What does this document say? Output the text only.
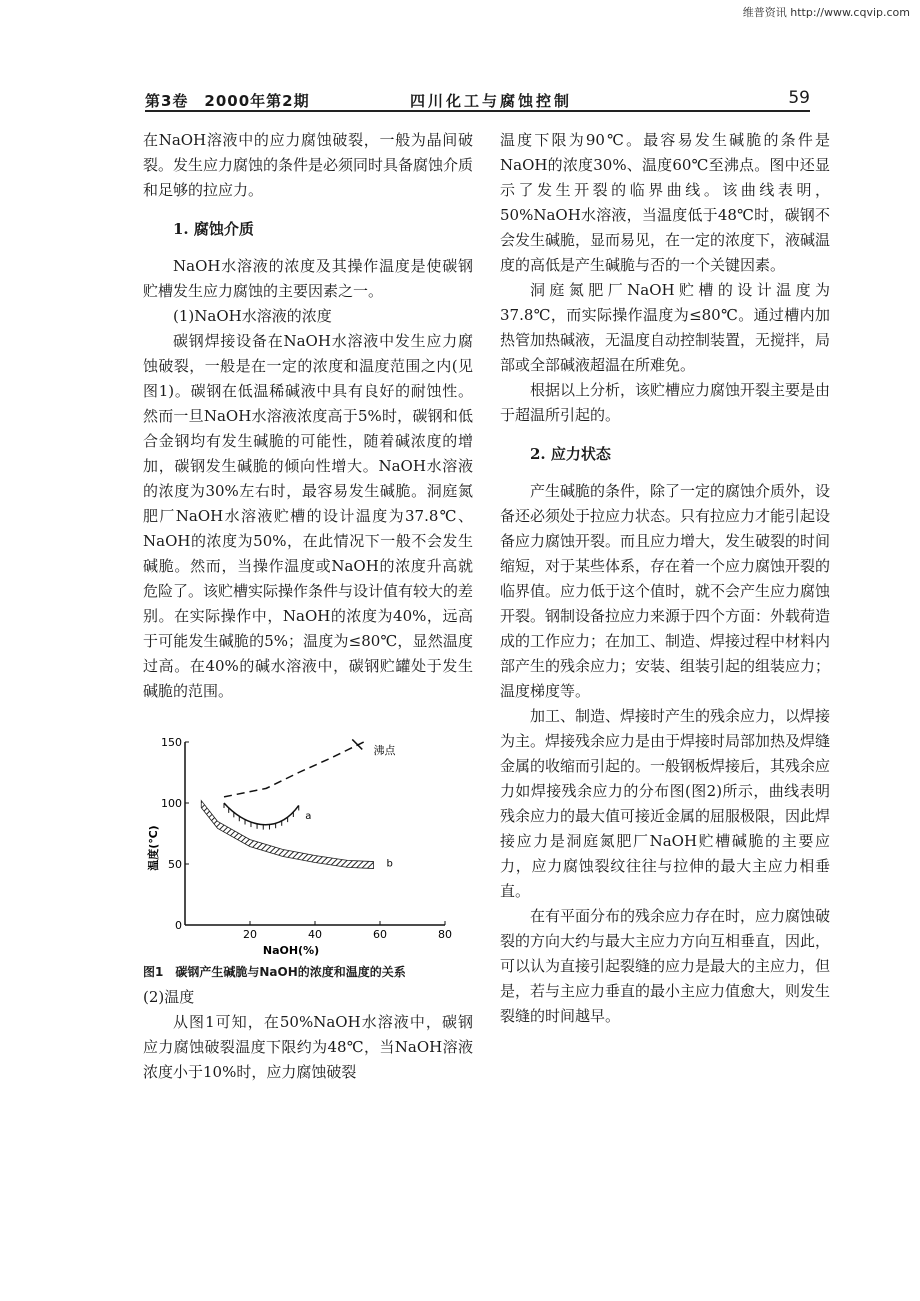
维普资讯 http://www.cqvip.com
第3卷　2000年第2期	四川化工与腐蚀控制	59

在NaOH溶液中的应力腐蚀破裂，一般为晶间破裂。发生应力腐蚀的条件是必须同时具备腐蚀介质和足够的拉应力。

1. 腐蚀介质

NaOH水溶液的浓度及其操作温度是使碳钢贮槽发生应力腐蚀的主要因素之一。

(1)NaOH水溶液的浓度

碳钢焊接设备在NaOH水溶液中发生应力腐蚀破裂，一般是在一定的浓度和温度范围之内(见图1)。碳钢在低温稀碱液中具有良好的耐蚀性。然而一旦NaOH水溶液浓度高于5%时，碳钢和低合金钢均有发生碱脆的可能性，随着碱浓度的增加，碳钢发生碱脆的倾向性增大。NaOH水溶液的浓度为30%左右时，最容易发生碱脆。洞庭氮肥厂NaOH水溶液贮槽的设计温度为37.8℃、NaOH的浓度为50%，在此情况下一般不会发生碱脆。然而，当操作温度或NaOH的浓度升高就危险了。该贮槽实际操作条件与设计值有较大的差别。在实际操作中，NaOH的浓度为40%，远高于可能发生碱脆的5%；温度为≤80℃，显然温度过高。在40%的碱水溶液中，碳钢贮罐处于发生碱脆的范围。

150
100
50
0
20	40	60	80
a
b
沸点
温度(℃)
NaOH(%)
图1　碳钢产生碱脆与NaOH的浓度和温度的关系

(2)温度

从图1可知，在50%NaOH水溶液中，碳钢应力腐蚀破裂温度下限约为48℃，当NaOH溶液浓度小于10%时，应力腐蚀破裂

温度下限为90℃。最容易发生碱脆的条件是NaOH的浓度30%、温度60℃至沸点。图中还显示了发生开裂的临界曲线。该曲线表明，50%NaOH水溶液，当温度低于48℃时，碳钢不会发生碱脆，显而易见，在一定的浓度下，液碱温度的高低是产生碱脆与否的一个关键因素。

洞庭氮肥厂NaOH贮槽的设计温度为37.8℃，而实际操作温度为≤80℃。通过槽内加热管加热碱液，无温度自动控制装置，无搅拌，局部或全部碱液超温在所难免。

根据以上分析，该贮槽应力腐蚀开裂主要是由于超温所引起的。

2. 应力状态

产生碱脆的条件，除了一定的腐蚀介质外，设备还必须处于拉应力状态。只有拉应力才能引起设备应力腐蚀开裂。而且应力增大，发生破裂的时间缩短，对于某些体系，存在着一个应力腐蚀开裂的临界值。应力低于这个值时，就不会产生应力腐蚀开裂。钢制设备拉应力来源于四个方面：外载荷造成的工作应力；在加工、制造、焊接过程中材料内部产生的残余应力；安装、组装引起的组装应力；温度梯度等。

加工、制造、焊接时产生的残余应力，以焊接为主。焊接残余应力是由于焊接时局部加热及焊缝金属的收缩而引起的。一般钢板焊接后，其残余应力如焊接残余应力的分布图(图2)所示，曲线表明残余应力的最大值可接近金属的屈服极限，因此焊接应力是洞庭氮肥厂NaOH贮槽碱脆的主要应力，应力腐蚀裂纹往往与拉伸的最大主应力相垂直。

在有平面分布的残余应力存在时，应力腐蚀破裂的方向大约与最大主应力方向互相垂直，因此，可以认为直接引起裂缝的应力是最大的主应力，但是，若与主应力垂直的最小主应力值愈大，则发生裂缝的时间越早。
